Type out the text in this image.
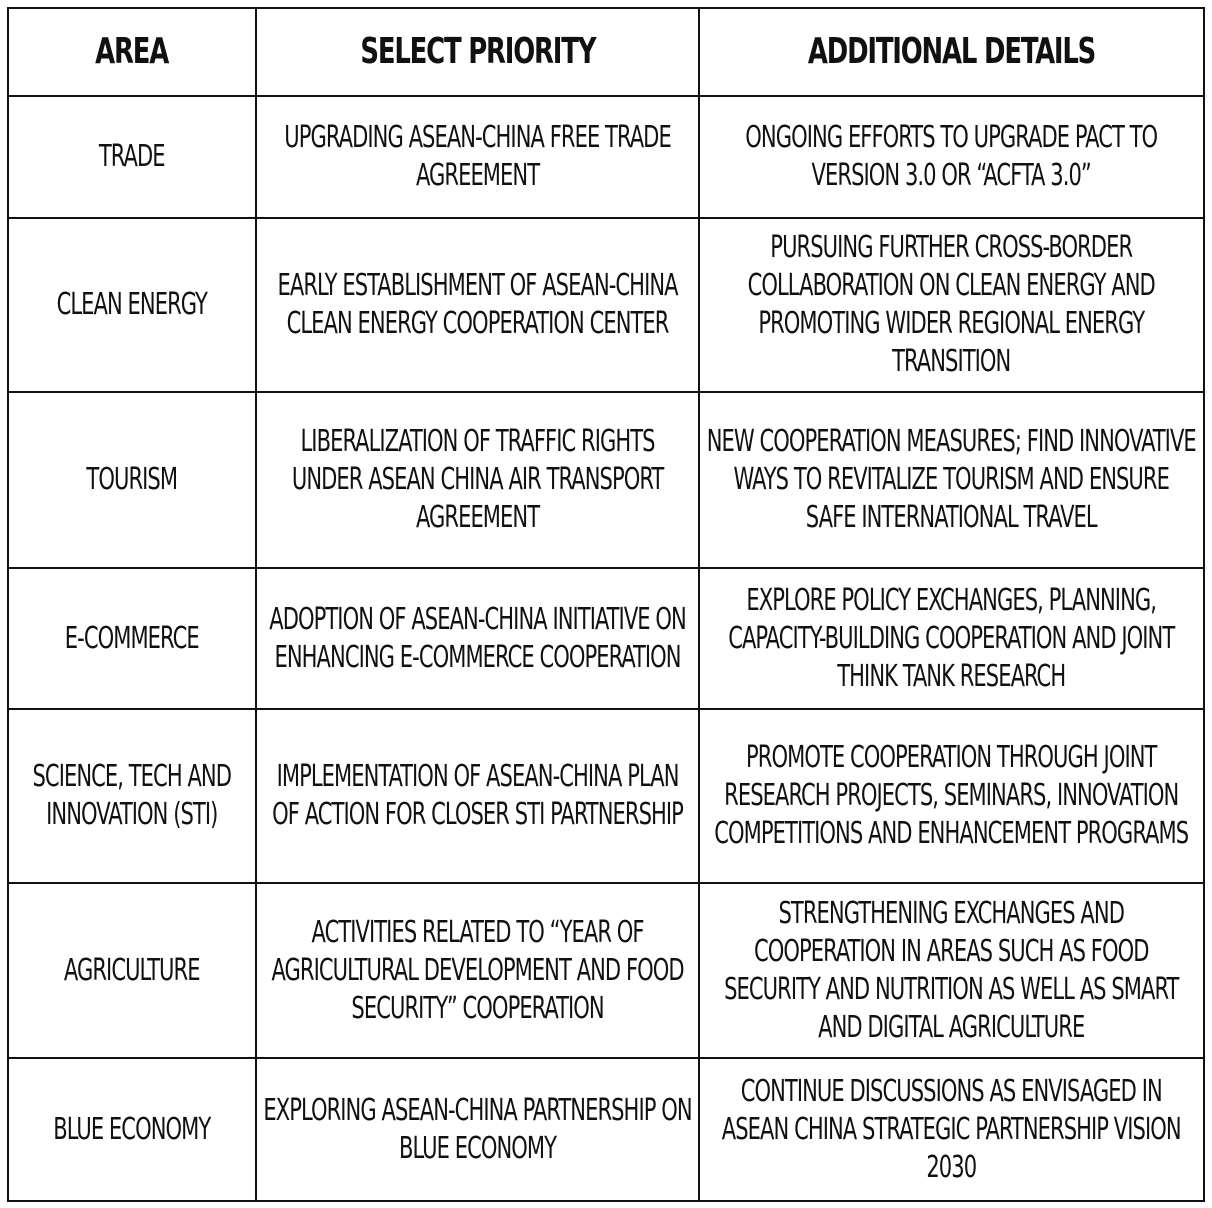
AREA	SELECT PRIORITY	ADDITIONAL DETAILS
TRADE	UPGRADING ASEAN-CHINA FREE TRADE AGREEMENT	ONGOING EFFORTS TO UPGRADE PACT TO VERSION 3.0 OR “ACFTA 3.0”
CLEAN ENERGY	EARLY ESTABLISHMENT OF ASEAN-CHINA CLEAN ENERGY COOPERATION CENTER	PURSUING FURTHER CROSS-BORDER COLLABORATION ON CLEAN ENERGY AND PROMOTING WIDER REGIONAL ENERGY TRANSITION
TOURISM	LIBERALIZATION OF TRAFFIC RIGHTS UNDER ASEAN CHINA AIR TRANSPORT AGREEMENT	NEW COOPERATION MEASURES; FIND INNOVATIVE WAYS TO REVITALIZE TOURISM AND ENSURE SAFE INTERNATIONAL TRAVEL
E-COMMERCE	ADOPTION OF ASEAN-CHINA INITIATIVE ON ENHANCING E-COMMERCE COOPERATION	EXPLORE POLICY EXCHANGES, PLANNING, CAPACITY-BUILDING COOPERATION AND JOINT THINK TANK RESEARCH
SCIENCE, TECH AND INNOVATION (STI)	IMPLEMENTATION OF ASEAN-CHINA PLAN OF ACTION FOR CLOSER STI PARTNERSHIP	PROMOTE COOPERATION THROUGH JOINT RESEARCH PROJECTS, SEMINARS, INNOVATION COMPETITIONS AND ENHANCEMENT PROGRAMS
AGRICULTURE	ACTIVITIES RELATED TO “YEAR OF AGRICULTURAL DEVELOPMENT AND FOOD SECURITY” COOPERATION	STRENGTHENING EXCHANGES AND COOPERATION IN AREAS SUCH AS FOOD SECURITY AND NUTRITION AS WELL AS SMART AND DIGITAL AGRICULTURE
BLUE ECONOMY	EXPLORING ASEAN-CHINA PARTNERSHIP ON BLUE ECONOMY	CONTINUE DISCUSSIONS AS ENVISAGED IN ASEAN CHINA STRATEGIC PARTNERSHIP VISION 2030
